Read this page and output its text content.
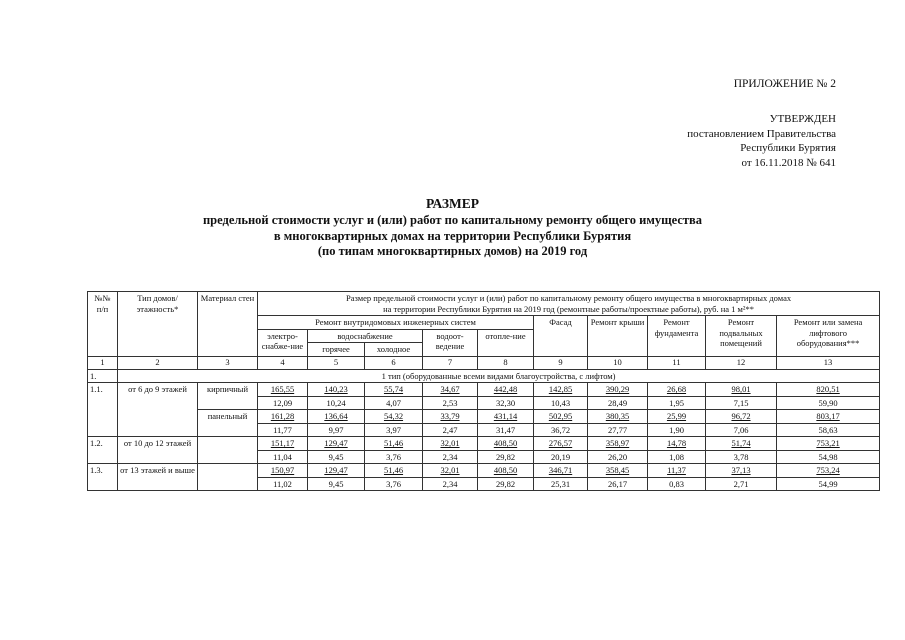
ПРИЛОЖЕНИЕ № 2
УТВЕРЖДЕН
постановлением Правительства
Республики Бурятия
от 16.11.2018 № 641
РАЗМЕР
предельной стоимости услуг и (или) работ по капитальному ремонту общего имущества
в многоквартирных домах на территории Республики Бурятия
(по типам многоквартирных домов) на 2019 год
№№ п/п	Тип домов/ этажность*	Материал стен	Размер предельной стоимости услуг и (или) работ по капитальному ремонту общего имущества в многоквартирных домах
на территории Республики Бурятия на 2019 год (ремонтные работы/проектные работы), руб. на 1 м²**									

			Ремонт внутридомовых инженерных систем					Фасад	Ремонт крыши	Ремонт фундамента	Ремонт подвальных помещений	Ремонт или замена лифтового оборудования***
			электро-снабже-ние	водоснабжение		водоот-ведение	отопле-ние					
				горячее	холодное							
1	2	3	4	5	6	7	8	9	10	11	12	13
1.	1 тип (оборудованные всеми видами благоустройства, с лифтом)											
1.1.	от 6 до 9 этажей	кирпичный	165,55	140,23	55,74	34,67	442,48	142,85	390,29	26,68	98,01	820,51
			12,09	10,24	4,07	2,53	32,30	10,43	28,49	1,95	7,15	59,90
		панельный	161,28	136,64	54,32	33,79	431,14	502,95	380,35	25,99	96,72	803,17
			11,77	9,97	3,97	2,47	31,47	36,72	27,77	1,90	7,06	58,63
1.2.	от 10 до 12 этажей		151,17	129,47	51,46	32,01	408,50	276,57	358,97	14,78	51,74	753,21
			11,04	9,45	3,76	2,34	29,82	20,19	26,20	1,08	3,78	54,98
1.3.	от 13 этажей и выше		150,97	129,47	51,46	32,01	408,50	346,71	358,45	11,37	37,13	753,24
			11,02	9,45	3,76	2,34	29,82	25,31	26,17	0,83	2,71	54,99
